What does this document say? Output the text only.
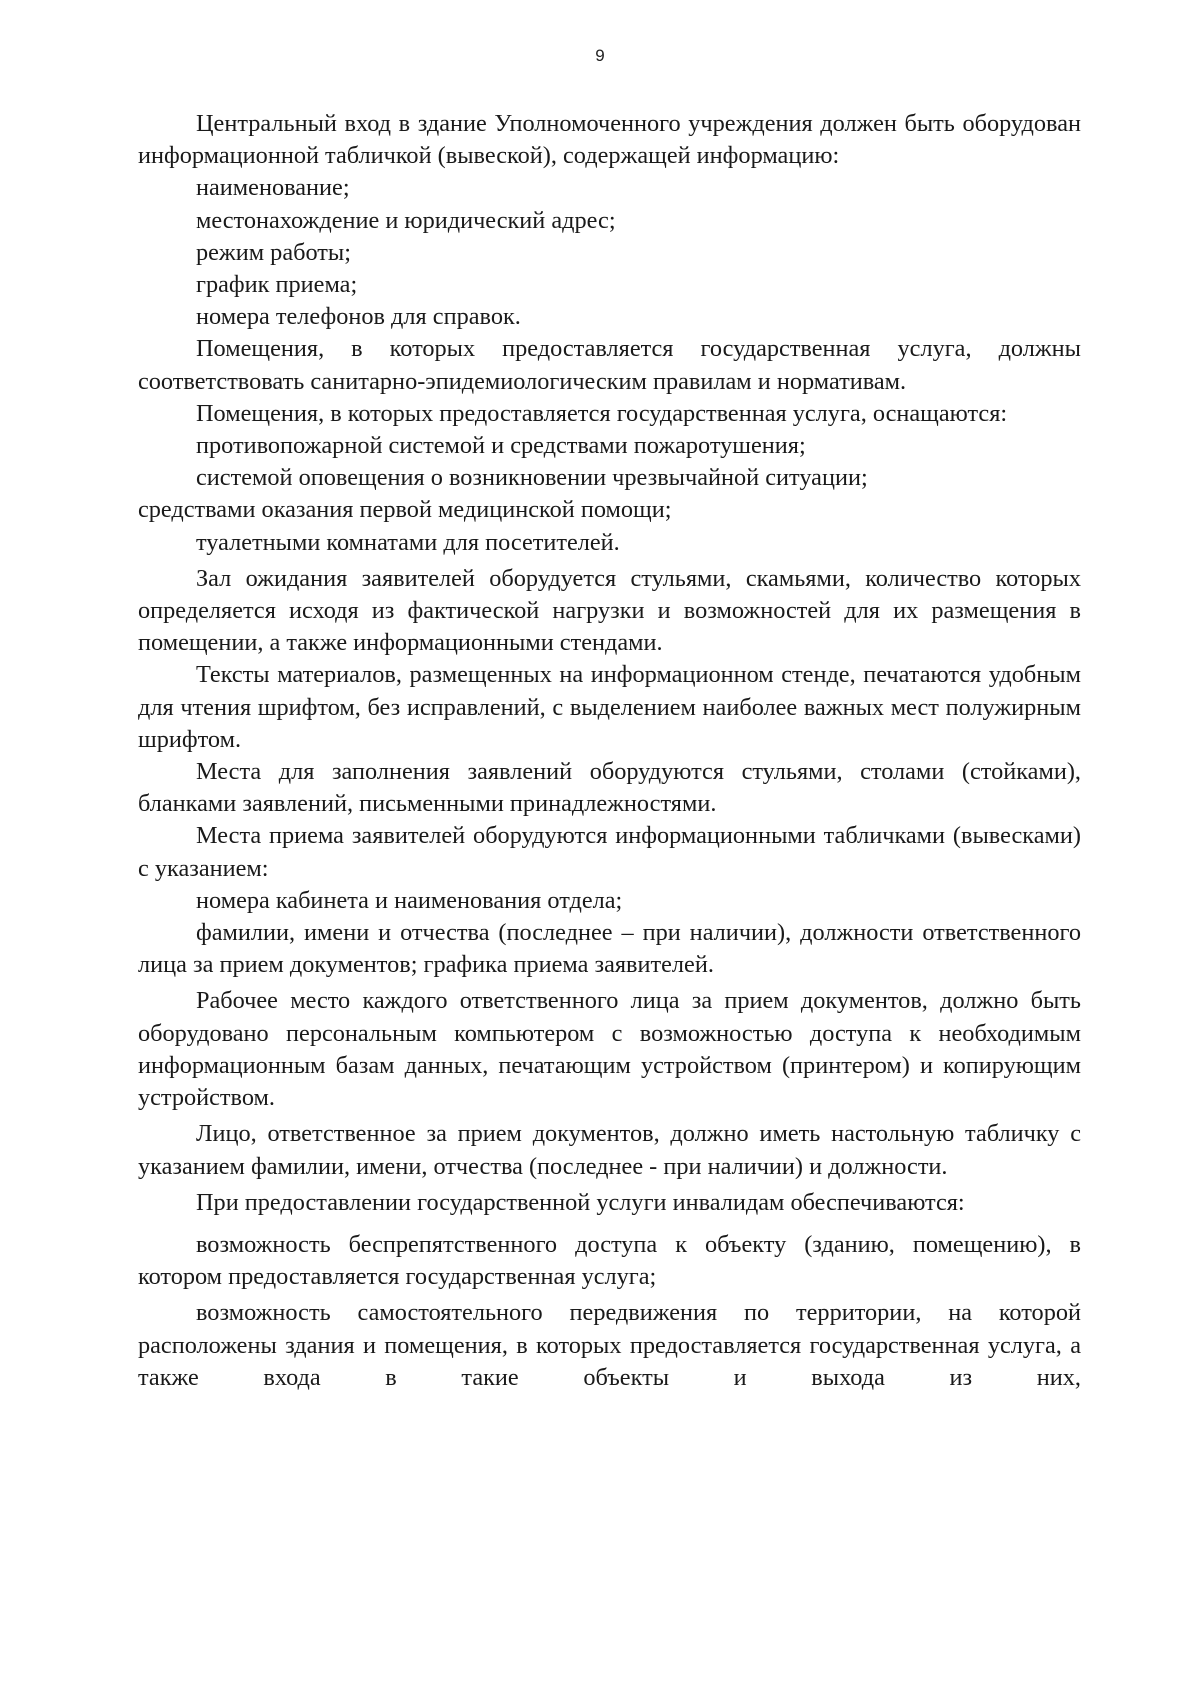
9

Центральный вход в здание Уполномоченного учреждения должен быть оборудован информационной табличкой (вывеской), содержащей информацию:

наименование;

местонахождение и юридический адрес;

режим работы;

график приема;

номера телефонов для справок.

Помещения, в которых предоставляется государственная услуга, должны соответствовать санитарно-эпидемиологическим правилам и нормативам.

Помещения, в которых предоставляется государственная услуга, оснащаются:

противопожарной системой и средствами пожаротушения;

системой оповещения о возникновении чрезвычайной ситуации;

средствами оказания первой медицинской помощи;

туалетными комнатами для посетителей.

Зал ожидания заявителей оборудуется стульями, скамьями, количество которых определяется исходя из фактической нагрузки и возможностей для их размещения в помещении, а также информационными стендами.

Тексты материалов, размещенных на информационном стенде, печатаются удобным для чтения шрифтом, без исправлений, с выделением наиболее важных мест полужирным шрифтом.

Места для заполнения заявлений оборудуются стульями, столами (стойками), бланками заявлений, письменными принадлежностями.

Места приема заявителей оборудуются информационными табличками (вывесками) с указанием:

номера кабинета и наименования отдела;

фамилии, имени и отчества (последнее – при наличии), должности ответственного лица за прием документов; графика приема заявителей.

Рабочее место каждого ответственного лица за прием документов, должно быть оборудовано персональным компьютером с возможностью доступа к необходимым информационным базам данных, печатающим устройством (принтером) и копирующим устройством.

Лицо, ответственное за прием документов, должно иметь настольную табличку с указанием фамилии, имени, отчества (последнее - при наличии) и должности.

При предоставлении государственной услуги инвалидам обеспечиваются:

возможность беспрепятственного доступа к объекту (зданию, помещению), в котором предоставляется государственная услуга;

возможность самостоятельного передвижения по территории, на которой расположены здания и помещения, в которых предоставляется государственная услуга, а также входа в такие объекты и выхода из них,
